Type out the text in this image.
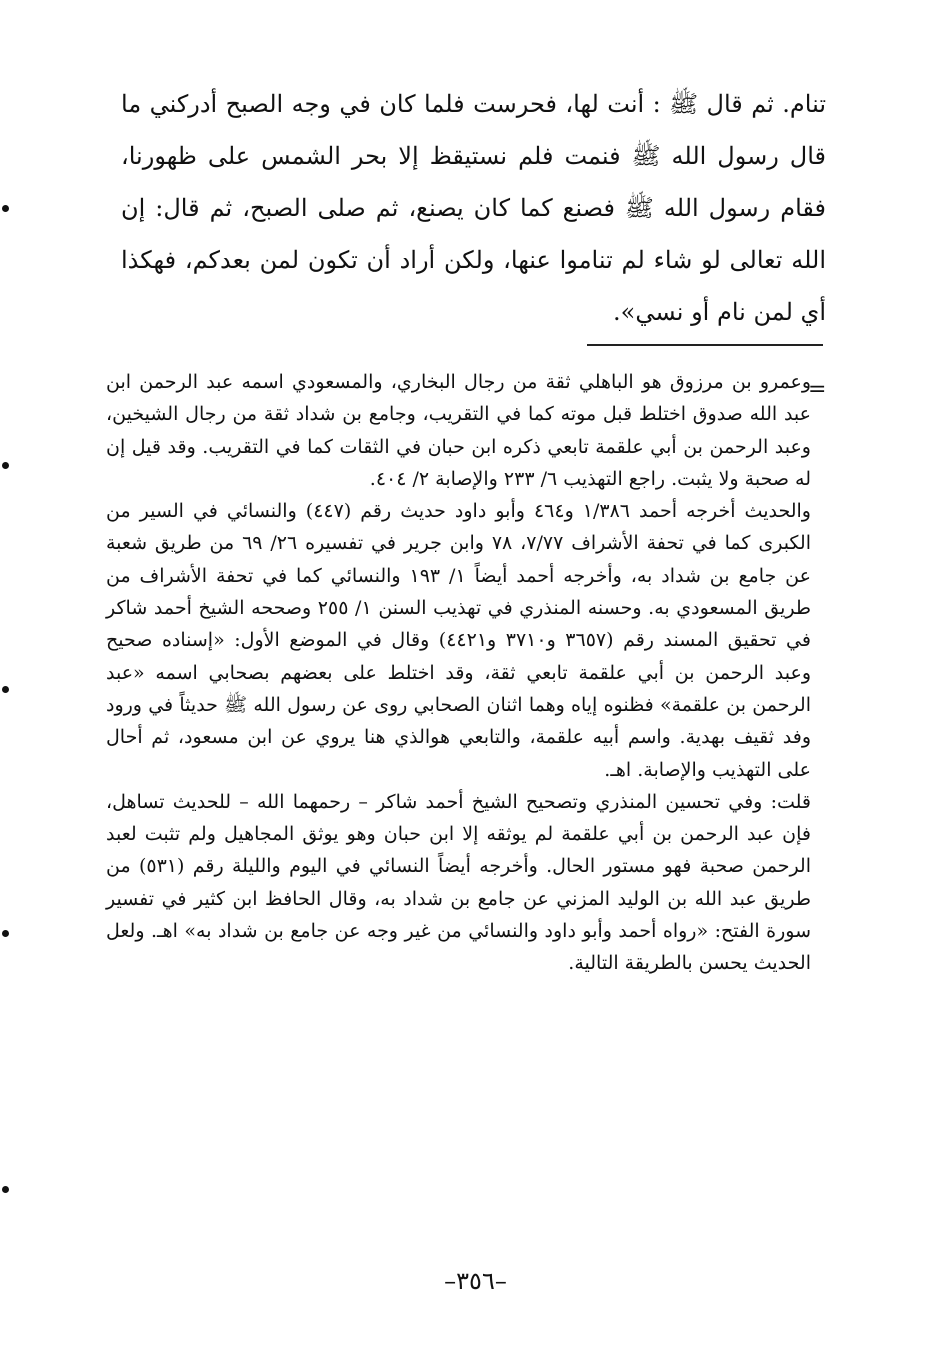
تنام. ثم قال ﷺ : أنت لها، فحرست فلما كان في وجه الصبح أدركني ما قال رسول الله ﷺ فنمت فلم نستيقظ إلا بحر الشمس على ظهورنا، فقام رسول الله ﷺ فصنع كما كان يصنع، ثم صلى الصبح، ثم قال: إن الله تعالى لو شاء لم تناموا عنها، ولكن أراد أن تكون لمن بعدكم، فهكذا أي لمن نام أو نسي».

=

وعمرو بن مرزوق هو الباهلي ثقة من رجال البخاري، والمسعودي اسمه عبد الرحمن ابن عبد الله صدوق اختلط قبل موته كما في التقريب، وجامع بن شداد ثقة من رجال الشيخين، وعبد الرحمن بن أبي علقمة تابعي ذكره ابن حبان في الثقات كما في التقريب. وقد قيل إن له صحبة ولا يثبت. راجع التهذيب ٦/ ٢٣٣ والإصابة ٢/ ٤٠٤.

والحديث أخرجه أحمد ١/٣٨٦ و٤٦٤ وأبو داود حديث رقم (٤٤٧) والنسائي في السير من الكبرى كما في تحفة الأشراف ٧/٧٧، ٧٨ وابن جرير في تفسيره ٢٦/ ٦٩ من طريق شعبة عن جامع بن شداد به، وأخرجه أحمد أيضاً ١/ ١٩٣ والنسائي كما في تحفة الأشراف من طريق المسعودي به. وحسنه المنذري في تهذيب السنن ١/ ٢٥٥ وصححه الشيخ أحمد شاكر في تحقيق المسند رقم (٣٦٥٧ و٣٧١٠ و٤٤٢١) وقال في الموضع الأول: «إسناده صحيح وعبد الرحمن بن أبي علقمة تابعي ثقة، وقد اختلط على بعضهم بصحابي اسمه «عبد الرحمن بن علقمة» فظنوه إياه وهما اثنان الصحابي روى عن رسول الله ﷺ حديثاً في ورود وفد ثقيف بهدية. واسم أبيه علقمة، والتابعي هوالذي هنا يروي عن ابن مسعود، ثم أحال على التهذيب والإصابة. اهـ.

قلت: وفي تحسين المنذري وتصحيح الشيخ أحمد شاكر – رحمهما الله – للحديث تساهل، فإن عبد الرحمن بن أبي علقمة لم يوثقه إلا ابن حبان وهو يوثق المجاهيل ولم تثبت لعبد الرحمن صحبة فهو مستور الحال. وأخرجه أيضاً النسائي في اليوم والليلة رقم (٥٣١) من طريق عبد الله بن الوليد المزني عن جامع بن شداد به، وقال الحافظ ابن كثير في تفسير سورة الفتح: «رواه أحمد وأبو داود والنسائي من غير وجه عن جامع بن شداد به» اهـ. ولعل الحديث يحسن بالطريقة التالية.

–٣٥٦–
